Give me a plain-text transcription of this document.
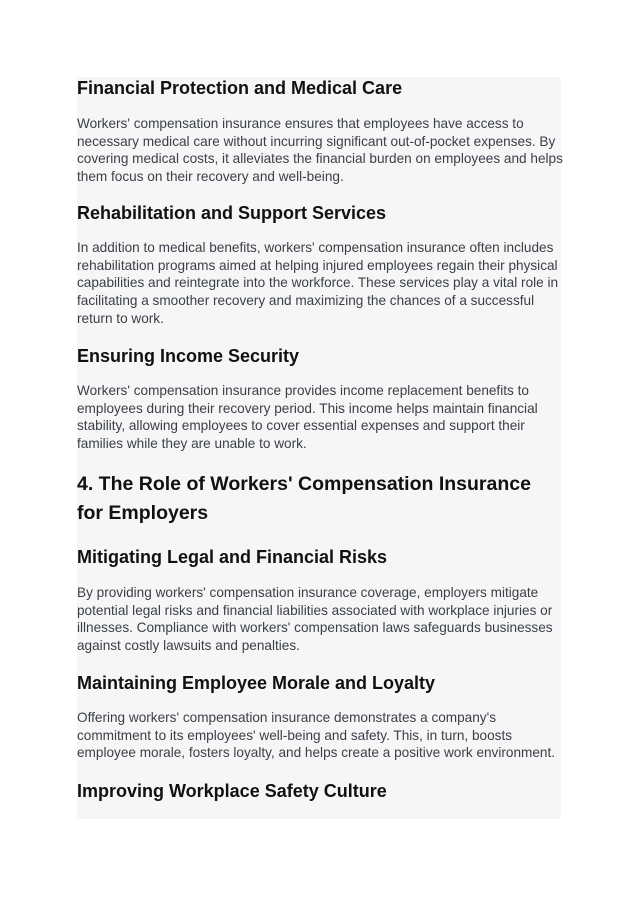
Financial Protection and Medical Care

Workers' compensation insurance ensures that employees have access to necessary medical care without incurring significant out-of-pocket expenses. By covering medical costs, it alleviates the financial burden on employees and helps them focus on their recovery and well-being.

Rehabilitation and Support Services

In addition to medical benefits, workers' compensation insurance often includes rehabilitation programs aimed at helping injured employees regain their physical capabilities and reintegrate into the workforce. These services play a vital role in facilitating a smoother recovery and maximizing the chances of a successful return to work.

Ensuring Income Security

Workers' compensation insurance provides income replacement benefits to employees during their recovery period. This income helps maintain financial stability, allowing employees to cover essential expenses and support their families while they are unable to work.

4. The Role of Workers' Compensation Insurance for Employers
Mitigating Legal and Financial Risks

By providing workers' compensation insurance coverage, employers mitigate potential legal risks and financial liabilities associated with workplace injuries or illnesses. Compliance with workers' compensation laws safeguards businesses against costly lawsuits and penalties.

Maintaining Employee Morale and Loyalty

Offering workers' compensation insurance demonstrates a company's commitment to its employees' well-being and safety. This, in turn, boosts employee morale, fosters loyalty, and helps create a positive work environment.

Improving Workplace Safety Culture
